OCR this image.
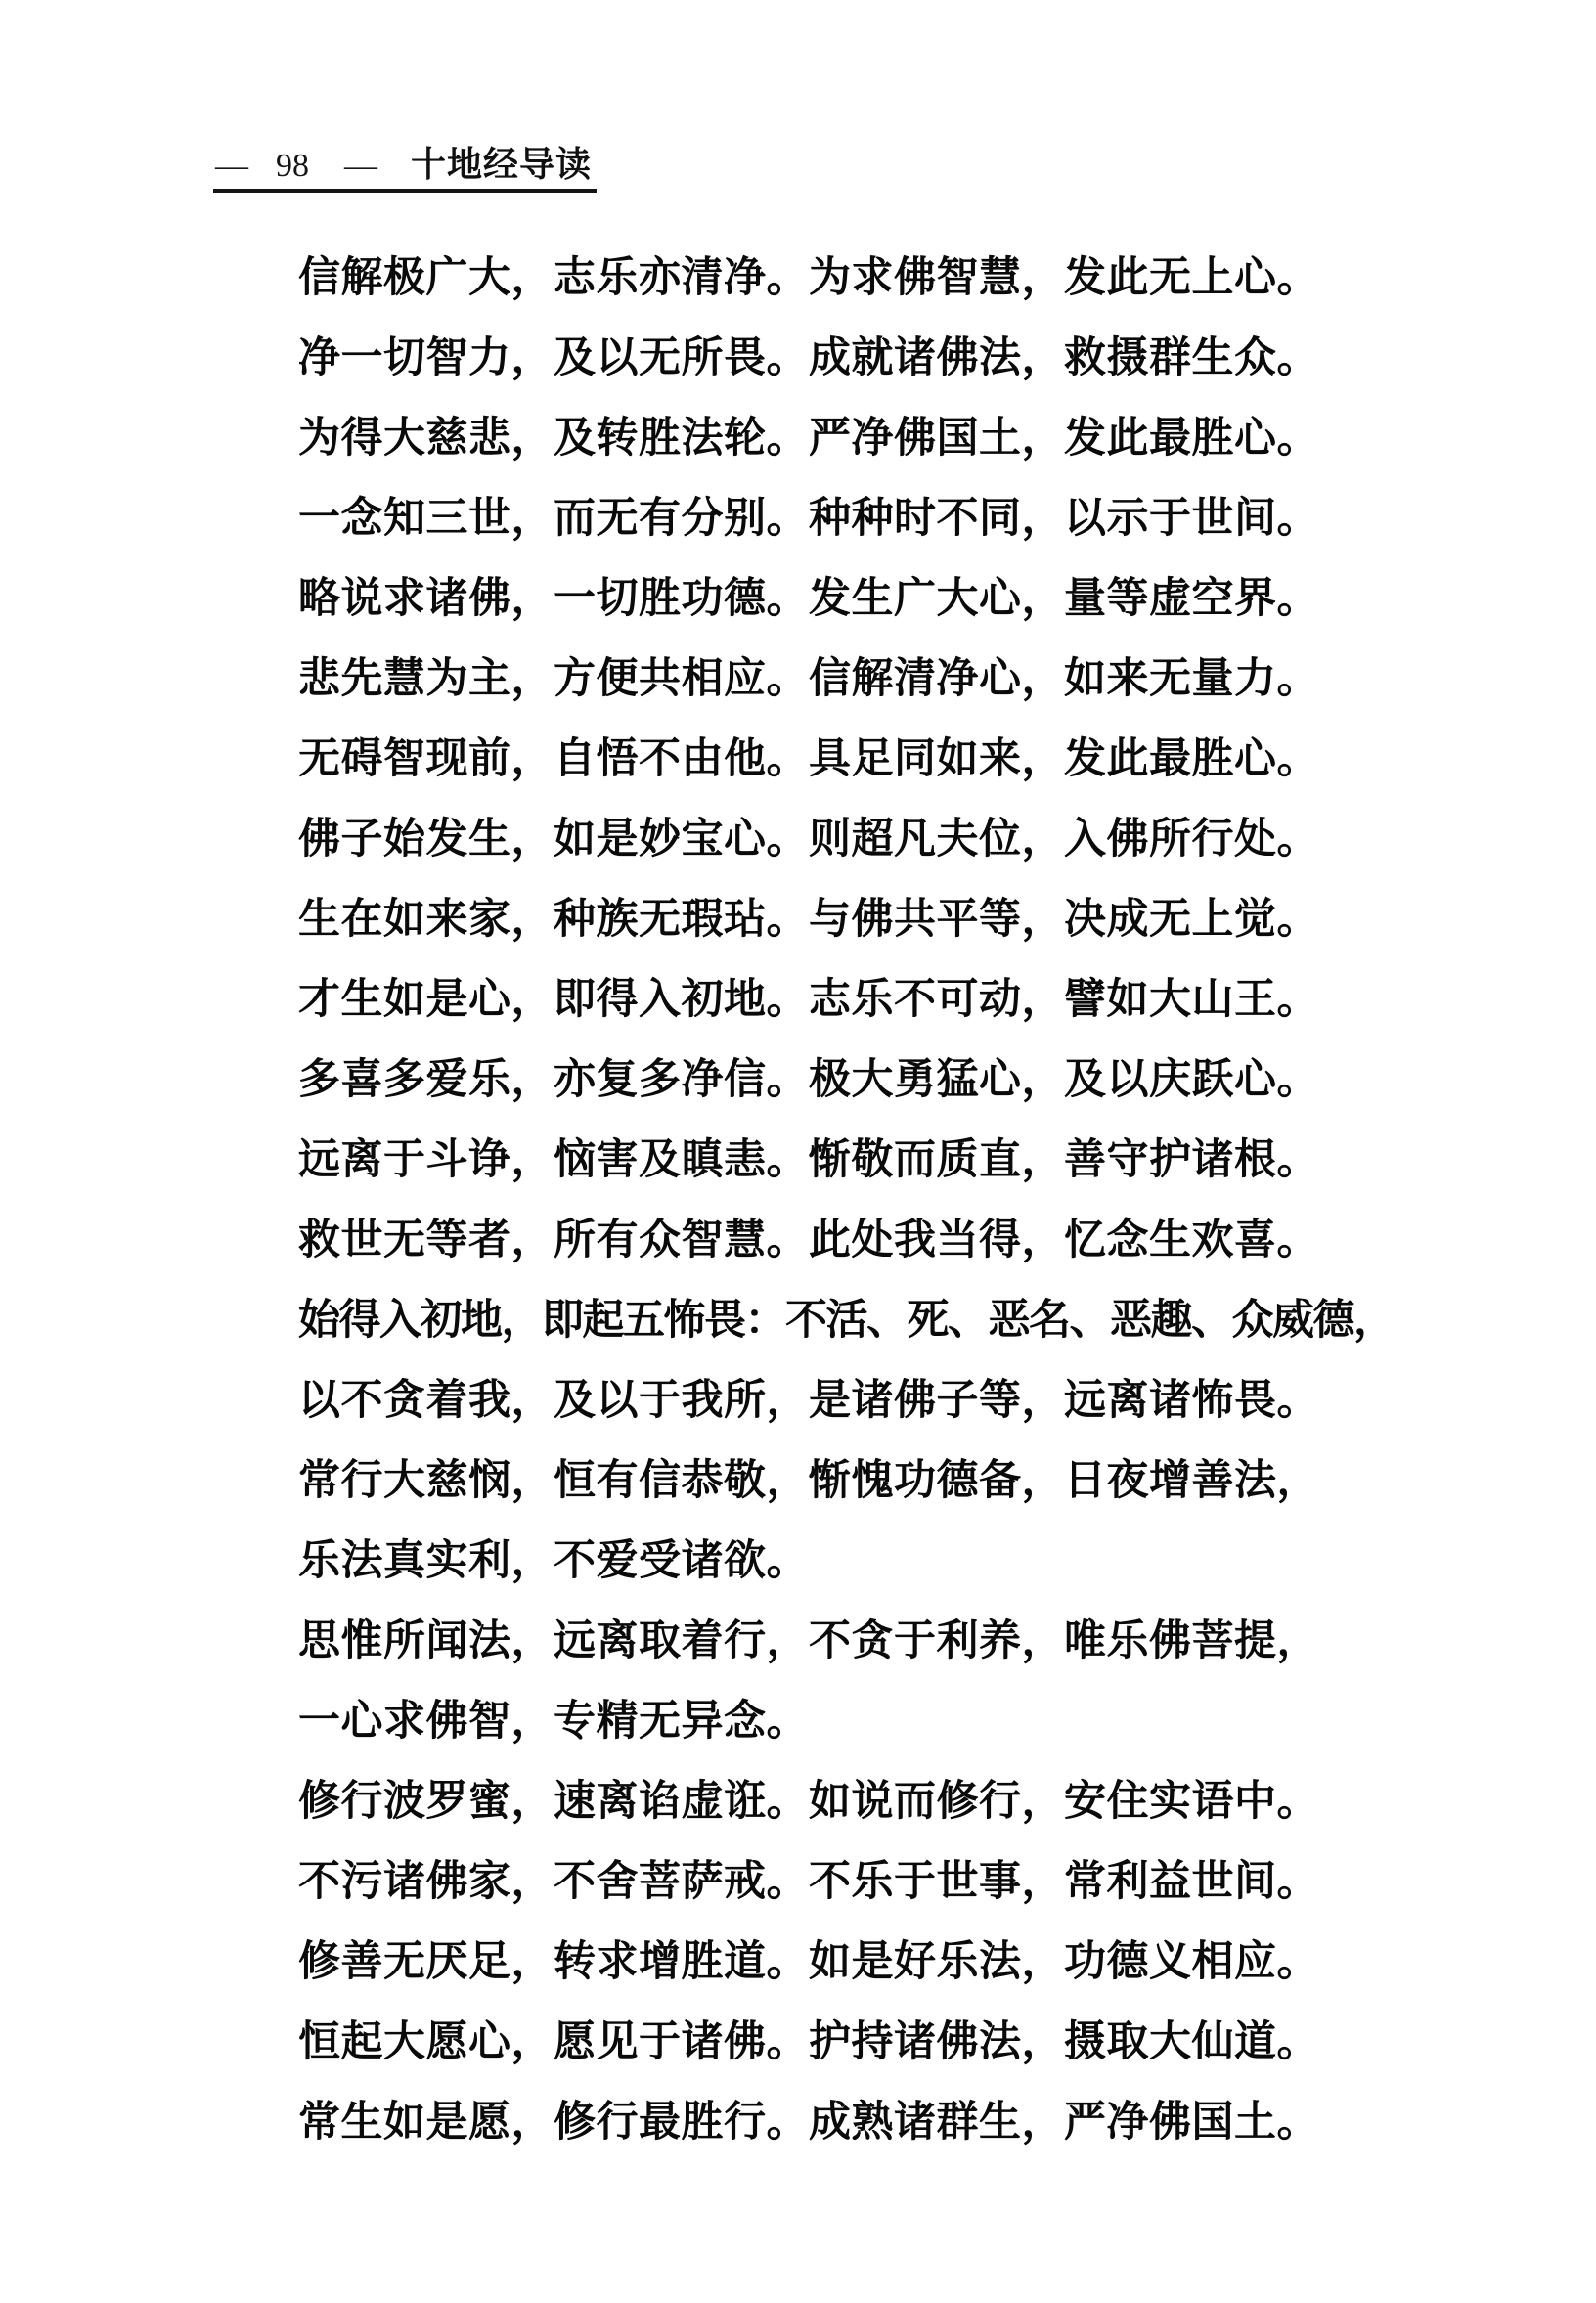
— 98 — 十地经导读
信解极广大，志乐亦清净。为求佛智慧，发此无上心。
净一切智力，及以无所畏。成就诸佛法，救摄群生众。
为得大慈悲，及转胜法轮。严净佛国土，发此最胜心。
一念知三世，而无有分别。种种时不同，以示于世间。
略说求诸佛，一切胜功德。发生广大心，量等虚空界。
悲先慧为主，方便共相应。信解清净心，如来无量力。
无碍智现前，自悟不由他。具足同如来，发此最胜心。
佛子始发生，如是妙宝心。则超凡夫位，入佛所行处。
生在如来家，种族无瑕玷。与佛共平等，决成无上觉。
才生如是心，即得入初地。志乐不可动，譬如大山王。
多喜多爱乐，亦复多净信。极大勇猛心，及以庆跃心。
远离于斗诤，恼害及瞋恚。惭敬而质直，善守护诸根。
救世无等者，所有众智慧。此处我当得，忆念生欢喜。
始得入初地，即起五怖畏：不活、死、恶名、恶趣、众威德，
以不贪着我，及以于我所，是诸佛子等，远离诸怖畏。
常行大慈悯，恒有信恭敬，惭愧功德备，日夜增善法，
乐法真实利，不爱受诸欲。
思惟所闻法，远离取着行，不贪于利养，唯乐佛菩提，
一心求佛智，专精无异念。
修行波罗蜜，速离谄虚诳。如说而修行，安住实语中。
不污诸佛家，不舍菩萨戒。不乐于世事，常利益世间。
修善无厌足，转求增胜道。如是好乐法，功德义相应。
恒起大愿心，愿见于诸佛。护持诸佛法，摄取大仙道。
常生如是愿，修行最胜行。成熟诸群生，严净佛国土。
